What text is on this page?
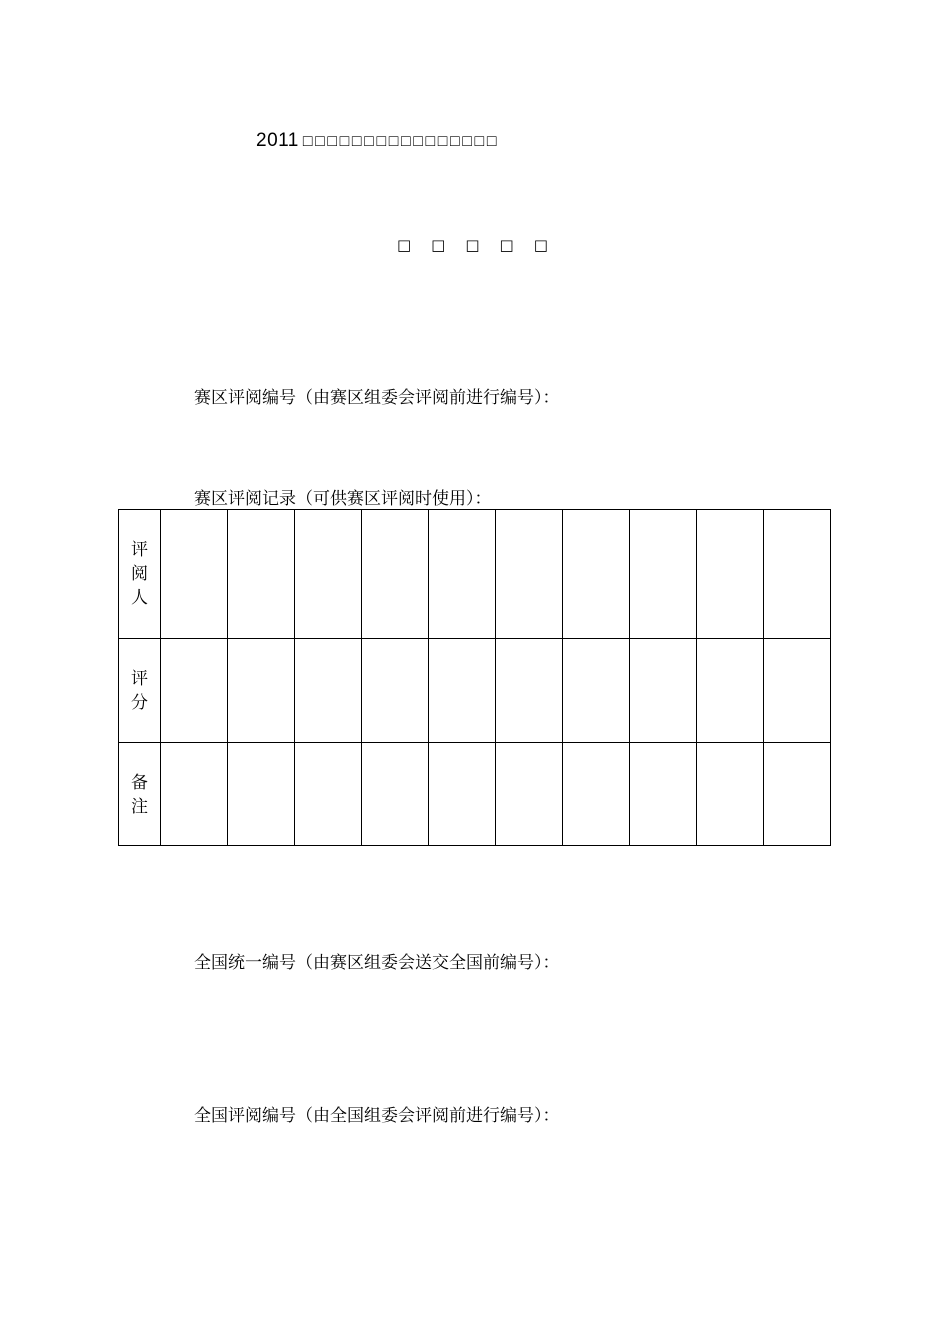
2011 □□□□□□□□□□□□□□□□
□□□□□
赛区评阅编号（由赛区组委会评阅前进行编号）：
赛区评阅记录（可供赛区评阅时使用）：
评
阅
人										

评
分										

备
注										

全国统一编号（由赛区组委会送交全国前编号）：
全国评阅编号（由全国组委会评阅前进行编号）：
